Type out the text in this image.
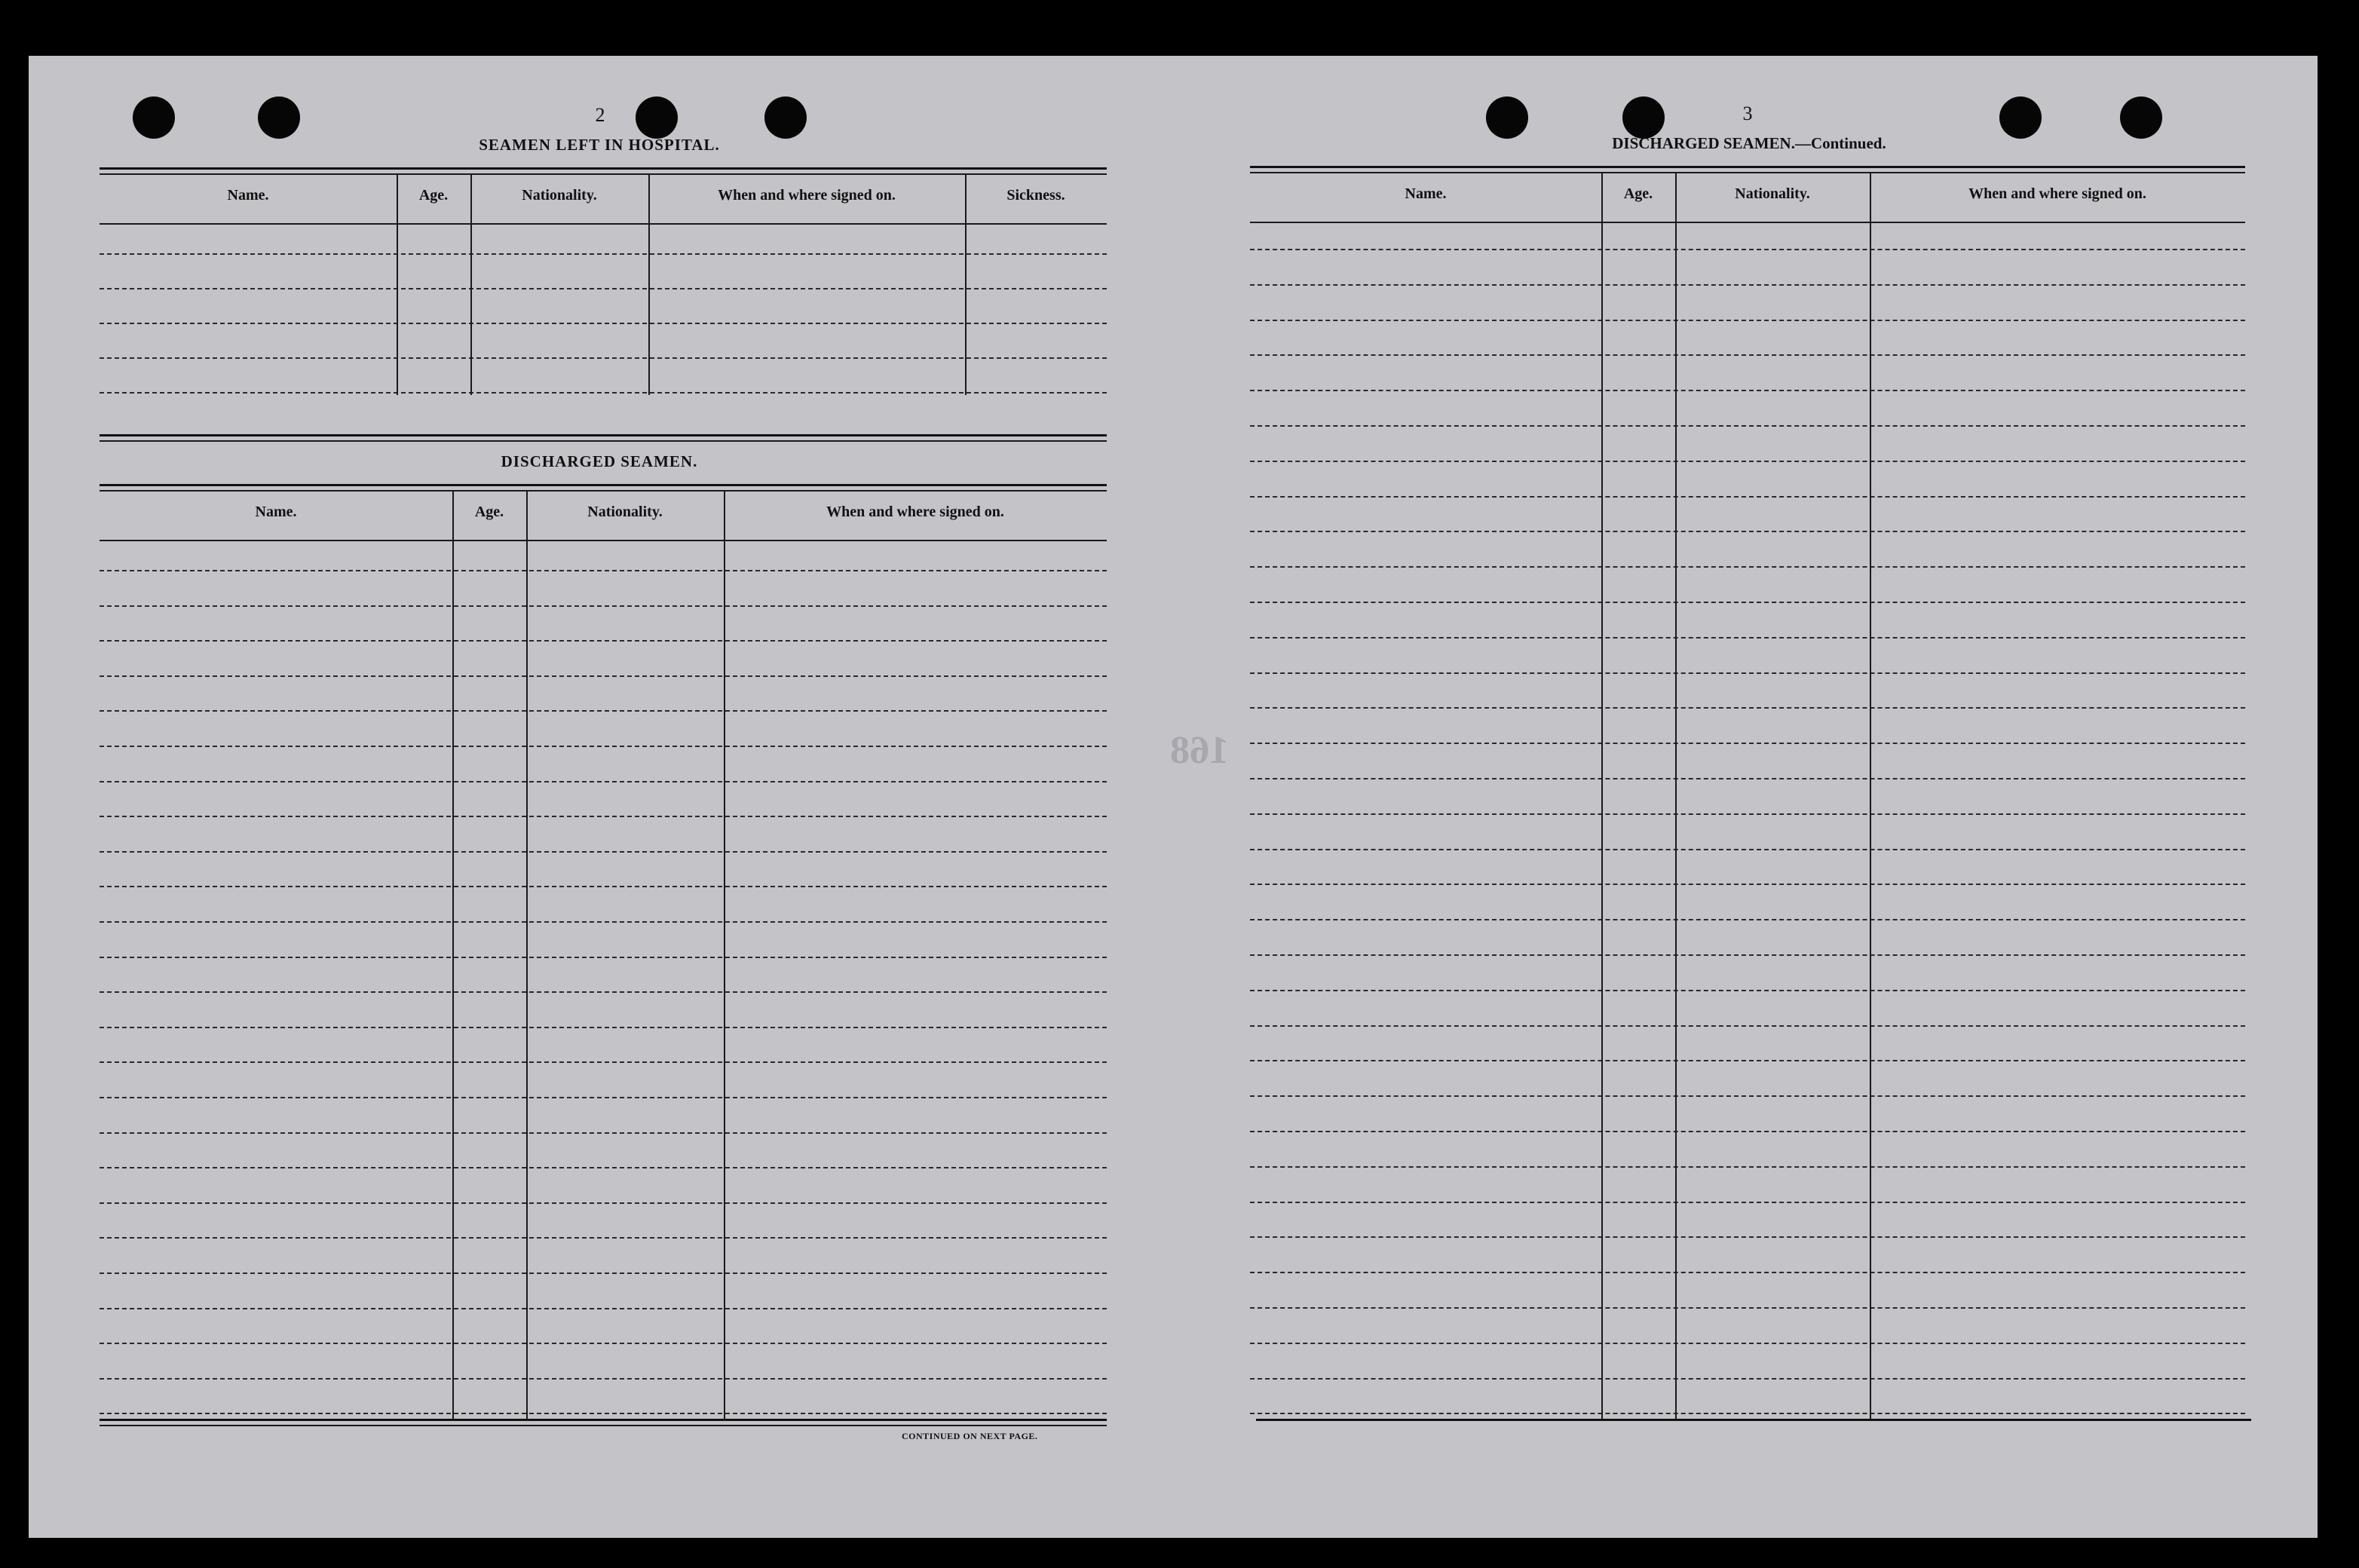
168
2
SEAMEN LEFT IN HOSPITAL.
Name.	Age.	Nationality.	When and where signed on.	Sickness.
DISCHARGED SEAMEN.
Name.	Age.	Nationality.	When and where signed on.
CONTINUED ON NEXT PAGE.
3
DISCHARGED SEAMEN.—Continued.
Name.	Age.	Nationality.	When and where signed on.
